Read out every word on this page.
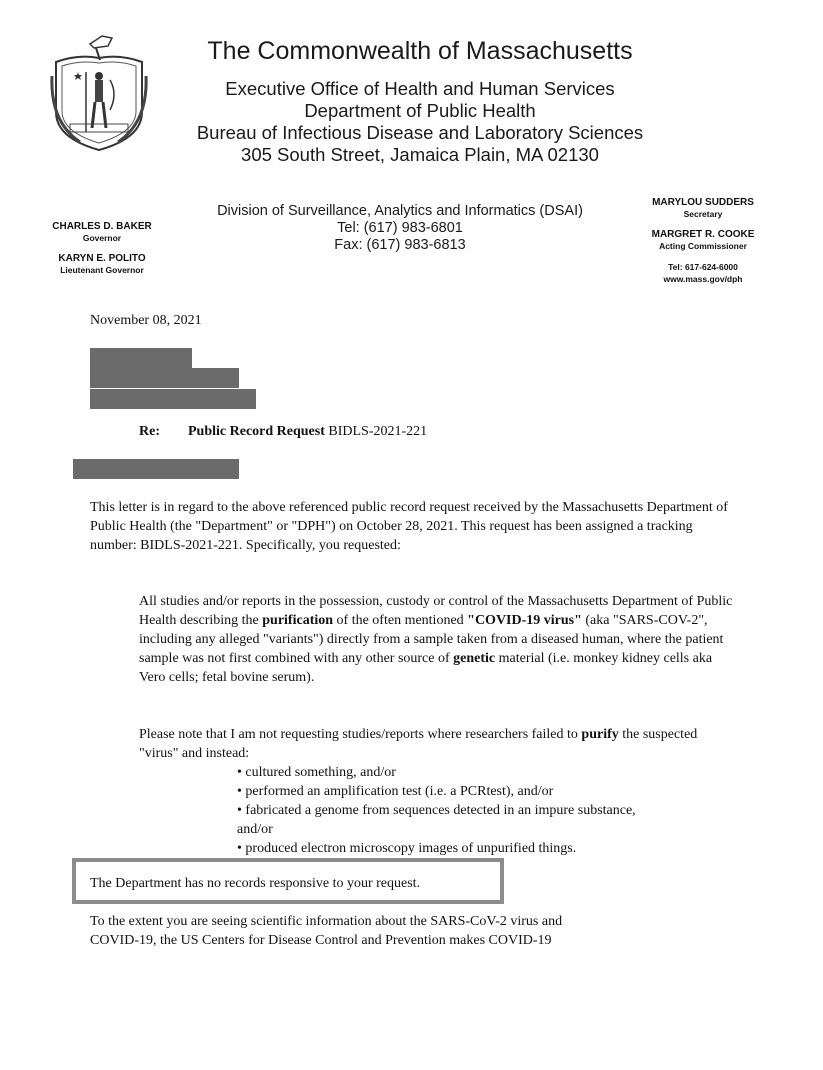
The Commonwealth of Massachusetts
Executive Office of Health and Human Services
Department of Public Health
Bureau of Infectious Disease and Laboratory Sciences
305 South Street, Jamaica Plain, MA 02130
CHARLES D. BAKER
Governor
KARYN E. POLITO
Lieutenant Governor
Division of Surveillance, Analytics and Informatics (DSAI)
Tel: (617) 983-6801
Fax: (617) 983-6813
MARYLOU SUDDERS
Secretary
MARGRET R. COOKE
Acting Commissioner
Tel: 617-624-6000
www.mass.gov/dph
November 08, 2021
Re: Public Record Request BIDLS-2021-221
This letter is in regard to the above referenced public record request received by the Massachusetts Department of Public Health (the "Department" or "DPH") on October 28, 2021. This request has been assigned a tracking number: BIDLS-2021-221. Specifically, you requested:
All studies and/or reports in the possession, custody or control of the Massachusetts Department of Public Health describing the purification of the often mentioned "COVID-19 virus" (aka "SARS-COV-2", including any alleged "variants") directly from a sample taken from a diseased human, where the patient sample was not first combined with any other source of genetic material (i.e. monkey kidney cells aka Vero cells; fetal bovine serum).
Please note that I am not requesting studies/reports where researchers failed to purify the suspected "virus" and instead:
• cultured something, and/or
• performed an amplification test (i.e. a PCRtest), and/or
• fabricated a genome from sequences detected in an impure substance,
and/or
• produced electron microscopy images of unpurified things.
The Department has no records responsive to your request.
To the extent you are seeing scientific information about the SARS-CoV-2 virus and
COVID-19, the US Centers for Disease Control and Prevention makes COVID-19
